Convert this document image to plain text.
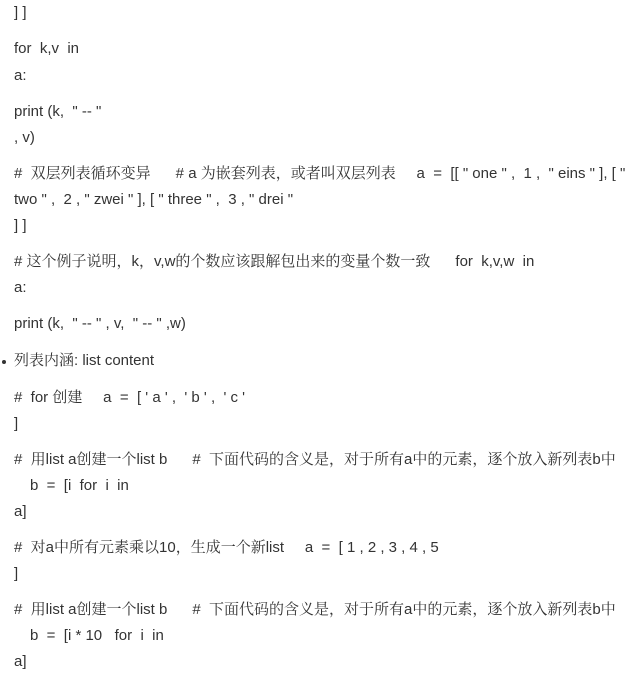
] ]
for  k,v  in
a:
print (k,  " -- "
, v)
#  双层列表循环变异      # a 为嵌套列表，或者叫双层列表     a  =  [[ " one " ,  1 ,  " eins " ], [ "
two " ,  2 , " zwei " ], [ " three " ,  3 , " drei "
] ]
# 这个例子说明，k，v,w的个数应该跟解包出来的变量个数一致      for  k,v,w  in
a:
print (k,  " -- " , v,  " -- " ,w)
列表内涵: list content
#  for 创建     a  =  [ ' a ' ,  ' b ' ,  ' c '
]
#  用list a创建一个list b      #  下面代码的含义是，对于所有a中的元素，逐个放入新列表b中
b  =  [i  for  i  in
a]
#  对a中所有元素乘以10，生成一个新list     a  =  [ 1 , 2 , 3 , 4 , 5
]
#  用list a创建一个list b      #  下面代码的含义是，对于所有a中的元素，逐个放入新列表b中
b  =  [i * 10   for  i  in
a]
